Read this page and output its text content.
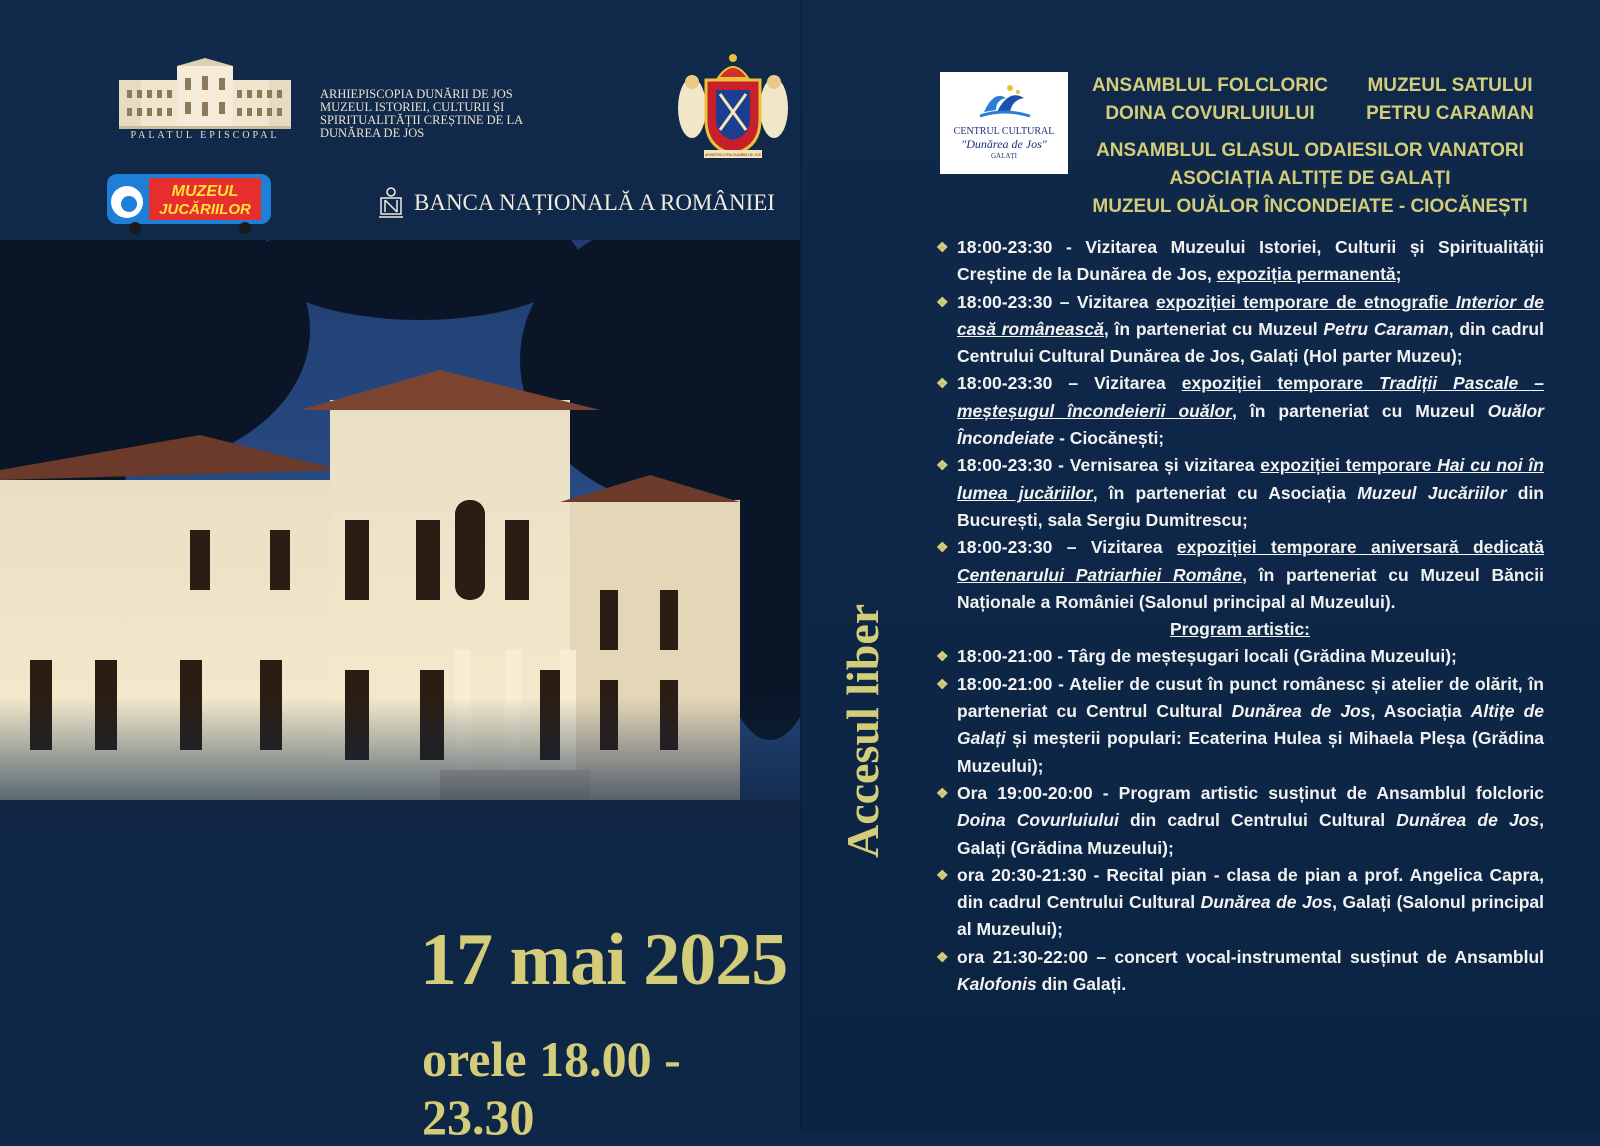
PALATUL EPISCOPAL
ARHIEPISCOPIA DUNĂRII DE JOS
MUZEUL ISTORIEI, CULTURII ȘI
SPIRITUALITĂȚII CREȘTINE DE LA
DUNĂREA DE JOS
ARHIEPISCOPIA DUNĂRII DE JOS
MUZEUL
JUCĂRIILOR	BANCA NAȚIONALĂ A ROMÂNIEI
17 mai 2025
orele 18.00 - 23.30
Accesul liber
CENTRUL CULTURAL
"Dunărea de Jos"
GALAȚI
ANSAMBLUL FOLCLORIC
DOINA COVURLUIULUI
MUZEUL SATULUI
PETRU CARAMAN
ANSAMBLUL GLASUL ODAIESILOR VANATORI
ASOCIAȚIA ALTIȚE DE GALAȚI
MUZEUL OUĂLOR ÎNCONDEIATE - CIOCĂNEȘTI
❖ 18:00-23:30 - Vizitarea Muzeului Istoriei, Culturii și Spiritualității Creștine de la Dunărea de Jos, expoziția permanentă;
❖ 18:00-23:30 – Vizitarea expoziției temporare de etnografie Interior de casă românească, în parteneriat cu Muzeul Petru Caraman, din cadrul Centrului Cultural Dunărea de Jos, Galați (Hol parter Muzeu);
❖ 18:00-23:30 – Vizitarea expoziției temporare Tradiții Pascale – meșteșugul încondeierii ouălor, în parteneriat cu Muzeul Ouălor Încondeiate - Ciocănești;
❖ 18:00-23:30 - Vernisarea și vizitarea expoziției temporare Hai cu noi în lumea jucăriilor, în parteneriat cu Asociația Muzeul Jucăriilor din București, sala Sergiu Dumitrescu;
❖ 18:00-23:30 – Vizitarea expoziției temporare aniversară dedicată Centenarului Patriarhiei Române, în parteneriat cu Muzeul Băncii Naționale a României (Salonul principal al Muzeului).
Program artistic:
❖ 18:00-21:00 - Târg de meșteșugari locali (Grădina Muzeului);
❖ 18:00-21:00 - Atelier de cusut în punct românesc și atelier de olărit, în parteneriat cu Centrul Cultural Dunărea de Jos, Asociația Altițe de Galați și meșterii populari: Ecaterina Hulea și Mihaela Pleșa (Grădina Muzeului);
❖ Ora 19:00-20:00 - Program artistic susținut de Ansamblul folcloric Doina Covurluiului din cadrul Centrului Cultural Dunărea de Jos, Galați (Grădina Muzeului);
❖ ora 20:30-21:30 - Recital pian - clasa de pian a prof. Angelica Capra, din cadrul Centrului Cultural Dunărea de Jos, Galați (Salonul principal al Muzeului);
❖ ora 21:30-22:00 – concert vocal-instrumental susținut de Ansamblul Kalofonis din Galați.
